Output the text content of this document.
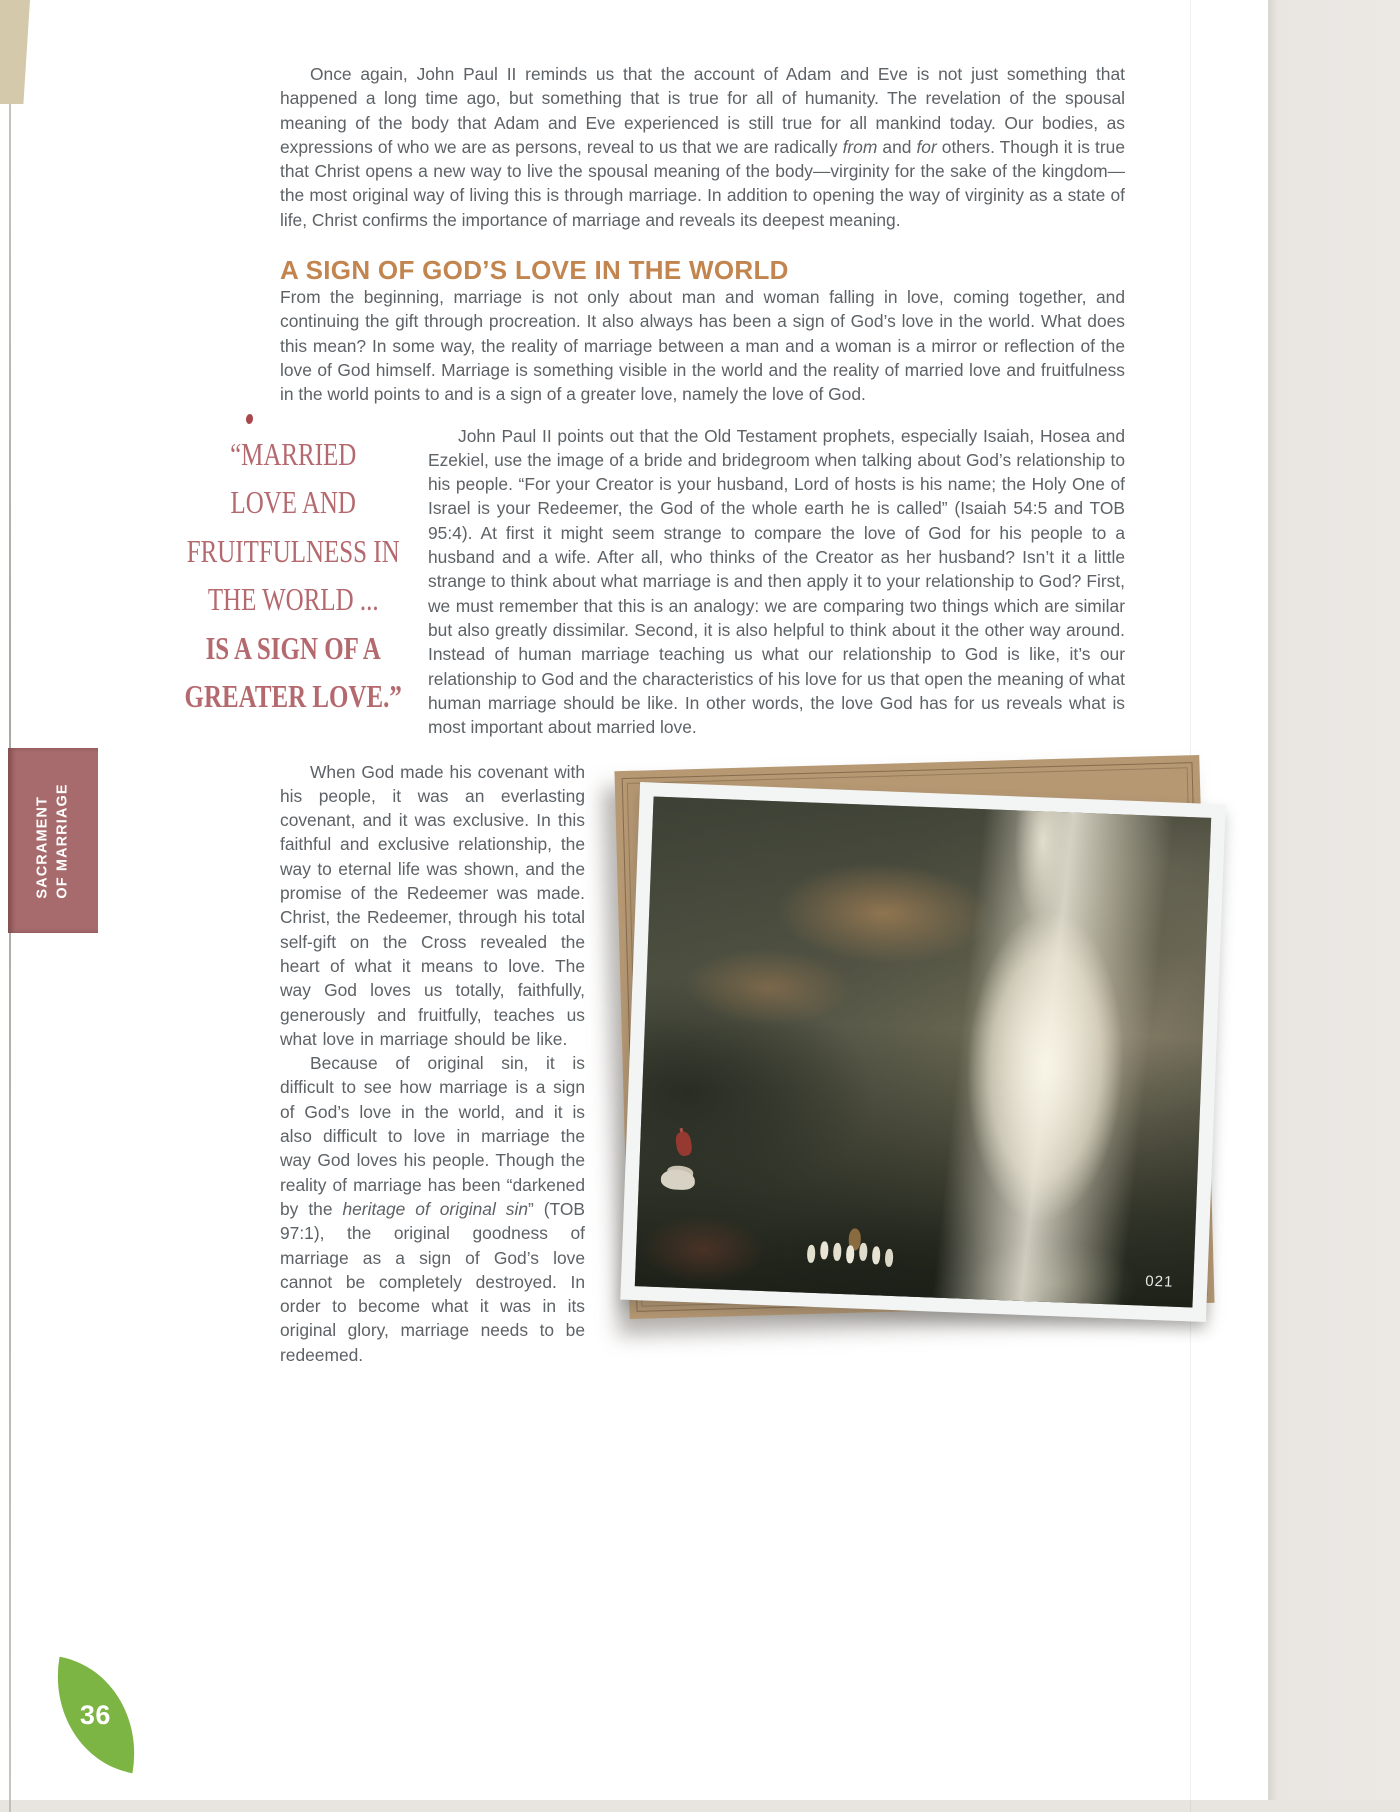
SACRAMENT OF MARRIAGE

Once again, John Paul II reminds us that the account of Adam and Eve is not just something that happened a long time ago, but something that is true for all of humanity. The revelation of the spousal meaning of the body that Adam and Eve experienced is still true for all mankind today. Our bodies, as expressions of who we are as persons, reveal to us that we are radically from and for others. Though it is true that Christ opens a new way to live the spousal meaning of the body—virginity for the sake of the kingdom—the most original way of living this is through marriage. In addition to opening the way of virginity as a state of life, Christ confirms the importance of marriage and reveals its deepest meaning.

A SIGN OF GOD’S LOVE IN THE WORLD

From the beginning, marriage is not only about man and woman falling in love, coming together, and continuing the gift through procreation. It also always has been a sign of God’s love in the world. What does this mean? In some way, the reality of marriage between a man and a woman is a mirror or reflection of the love of God himself. Marriage is something visible in the world and the reality of married love and fruitfulness in the world points to and is a sign of a greater love, namely the love of God.

“MARRIED
LOVE AND
FRUITFULNESS IN
THE WORLD ...
IS A SIGN OF A
GREATER LOVE.”

John Paul II points out that the Old Testament prophets, especially Isaiah, Hosea and Ezekiel, use the image of a bride and bridegroom when talking about God’s relationship to his people. “For your Creator is your husband, Lord of hosts is his name; the Holy One of Israel is your Redeemer, the God of the whole earth he is called” (Isaiah 54:5 and TOB 95:4). At first it might seem strange to compare the love of God for his people to a husband and a wife. After all, who thinks of the Creator as her husband? Isn’t it a little strange to think about what marriage is and then apply it to your relationship to God? First, we must remember that this is an analogy: we are comparing two things which are similar but also greatly dissimilar. Second, it is also helpful to think about it the other way around. Instead of human marriage teaching us what our relationship to God is like, it’s our relationship to God and the characteristics of his love for us that open the meaning of what human marriage should be like. In other words, the love God has for us reveals what is most important about married love.

021

When God made his covenant with his people, it was an everlasting covenant, and it was exclusive. In this faithful and exclusive relationship, the way to eternal life was shown, and the promise of the Redeemer was made. Christ, the Redeemer, through his total self-gift on the Cross revealed the heart of what it means to love. The way God loves us totally, faithfully, generously and fruitfully, teaches us what love in marriage should be like.

Because of original sin, it is difficult to see how marriage is a sign of God’s love in the world, and it is also difficult to love in marriage the way God loves his people. Though the reality of marriage has been “darkened by the heritage of original sin” (TOB 97:1), the original goodness of marriage as a sign of God’s love cannot be completely destroyed. In order to become what it was in its original glory, marriage needs to be redeemed.

36
